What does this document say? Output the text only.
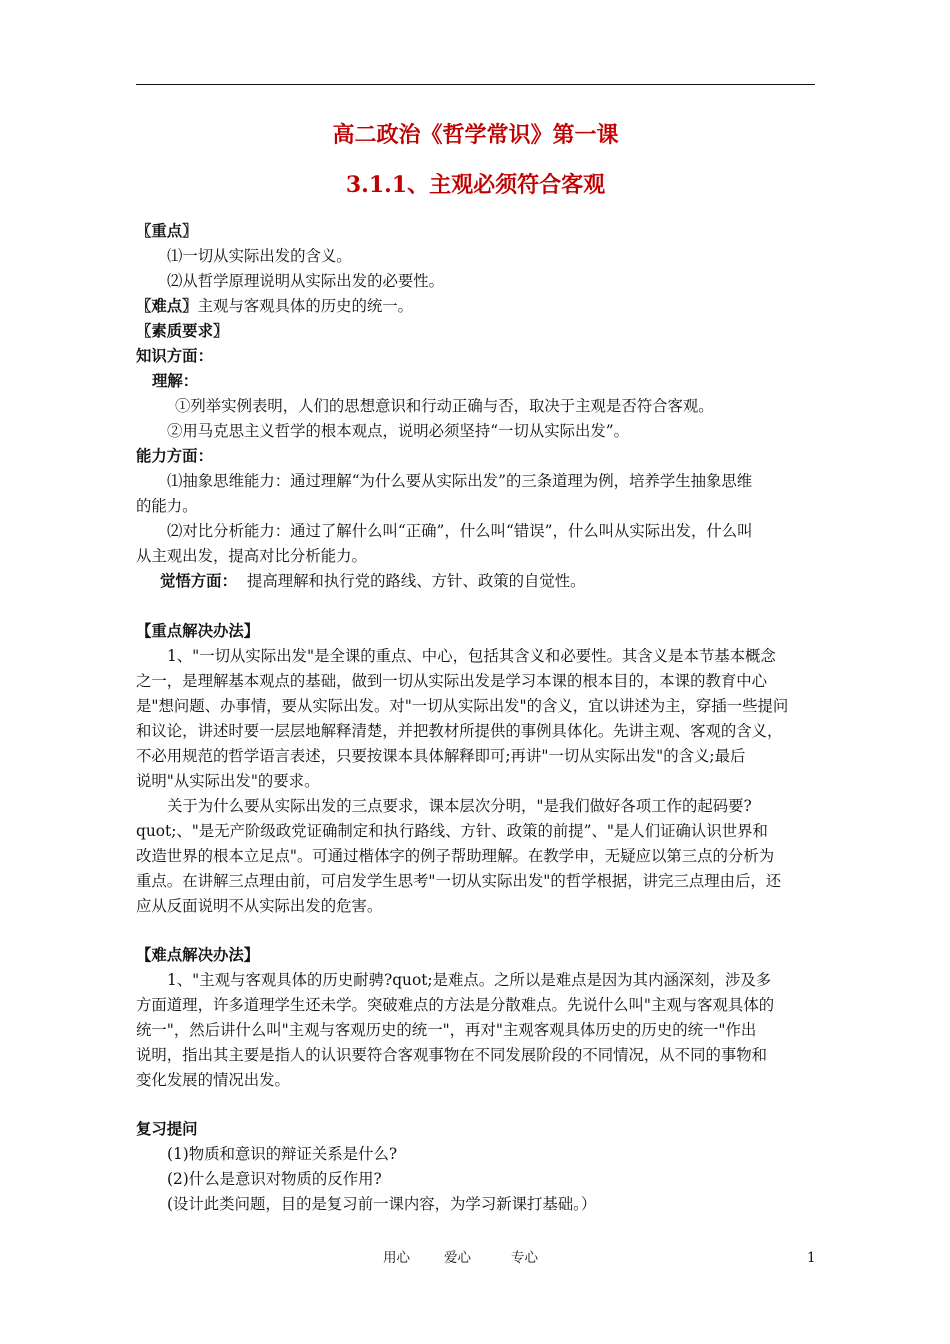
高二政治《哲学常识》第一课
3.1.1、主观必须符合客观
〖重点〗
⑴一切从实际出发的含义。
⑵从哲学原理说明从实际出发的必要性。
〖难点〗主观与客观具体的历史的统一。
〖素质要求〗
知识方面：
理解：
①列举实例表明，人们的思想意识和行动正确与否，取决于主观是否符合客观。
②用马克思主义哲学的根本观点，说明必须坚持“一切从实际出发”。
能力方面：
⑴抽象思维能力：通过理解“为什么要从实际出发”的三条道理为例，培养学生抽象思维
的能力。
⑵对比分析能力：通过了解什么叫“正确”，什么叫“错误”，什么叫从实际出发，什么叫
从主观出发，提高对比分析能力。
觉悟方面： 提高理解和执行党的路线、方针、政策的自觉性。
【重点解决办法】
1、"一切从实际出发"是全课的重点、中心，包括其含义和必要性。其含义是本节基本概念
之一，是理解基本观点的基础，做到一切从实际出发是学习本课的根本目的，本课的教育中心
是"想问题、办事情，要从实际出发。对"一切从实际出发"的含义，宜以讲述为主，穿插一些提问
和议论，讲述时要一层层地解释清楚，并把教材所提供的事例具体化。先讲主观、客观的含义，
不必用规范的哲学语言表述，只要按课本具体解释即可;再讲"一切从实际出发"的含义;最后
说明"从实际出发"的要求。
关于为什么要从实际出发的三点要求，课本层次分明，"是我们做好各项工作的起码要?
quot;、"是无产阶级政党证确制定和执行路线、方针、政策的前提”、"是人们证确认识世界和
改造世界的根本立足点"。可通过楷体字的例子帮助理解。在教学申，无疑应以第三点的分析为
重点。在讲解三点理由前，可启发学生思考"一切从实际出发"的哲学根据，讲完三点理由后，还
应从反面说明不从实际出发的危害。
【难点解决办法】
1、"主观与客观具体的历史耐骋?quot;是难点。之所以是难点是因为其内涵深刻，涉及多
方面道理，许多道理学生还未学。突破难点的方法是分散难点。先说什么叫"主观与客观具体的
统一"，然后讲什么叫"主观与客观历史的统一"，再对"主观客观具体历史的历史的统一"作出
说明，指出其主要是指人的认识要符合客观事物在不同发展阶段的不同情况，从不同的事物和
变化发展的情况出发。
复习提问
(1)物质和意识的辩证关系是什么?
(2)什么是意识对物质的反作用?
(设计此类问题，目的是复习前一课内容，为学习新课打基础。）
用心	爱心	专心	1
